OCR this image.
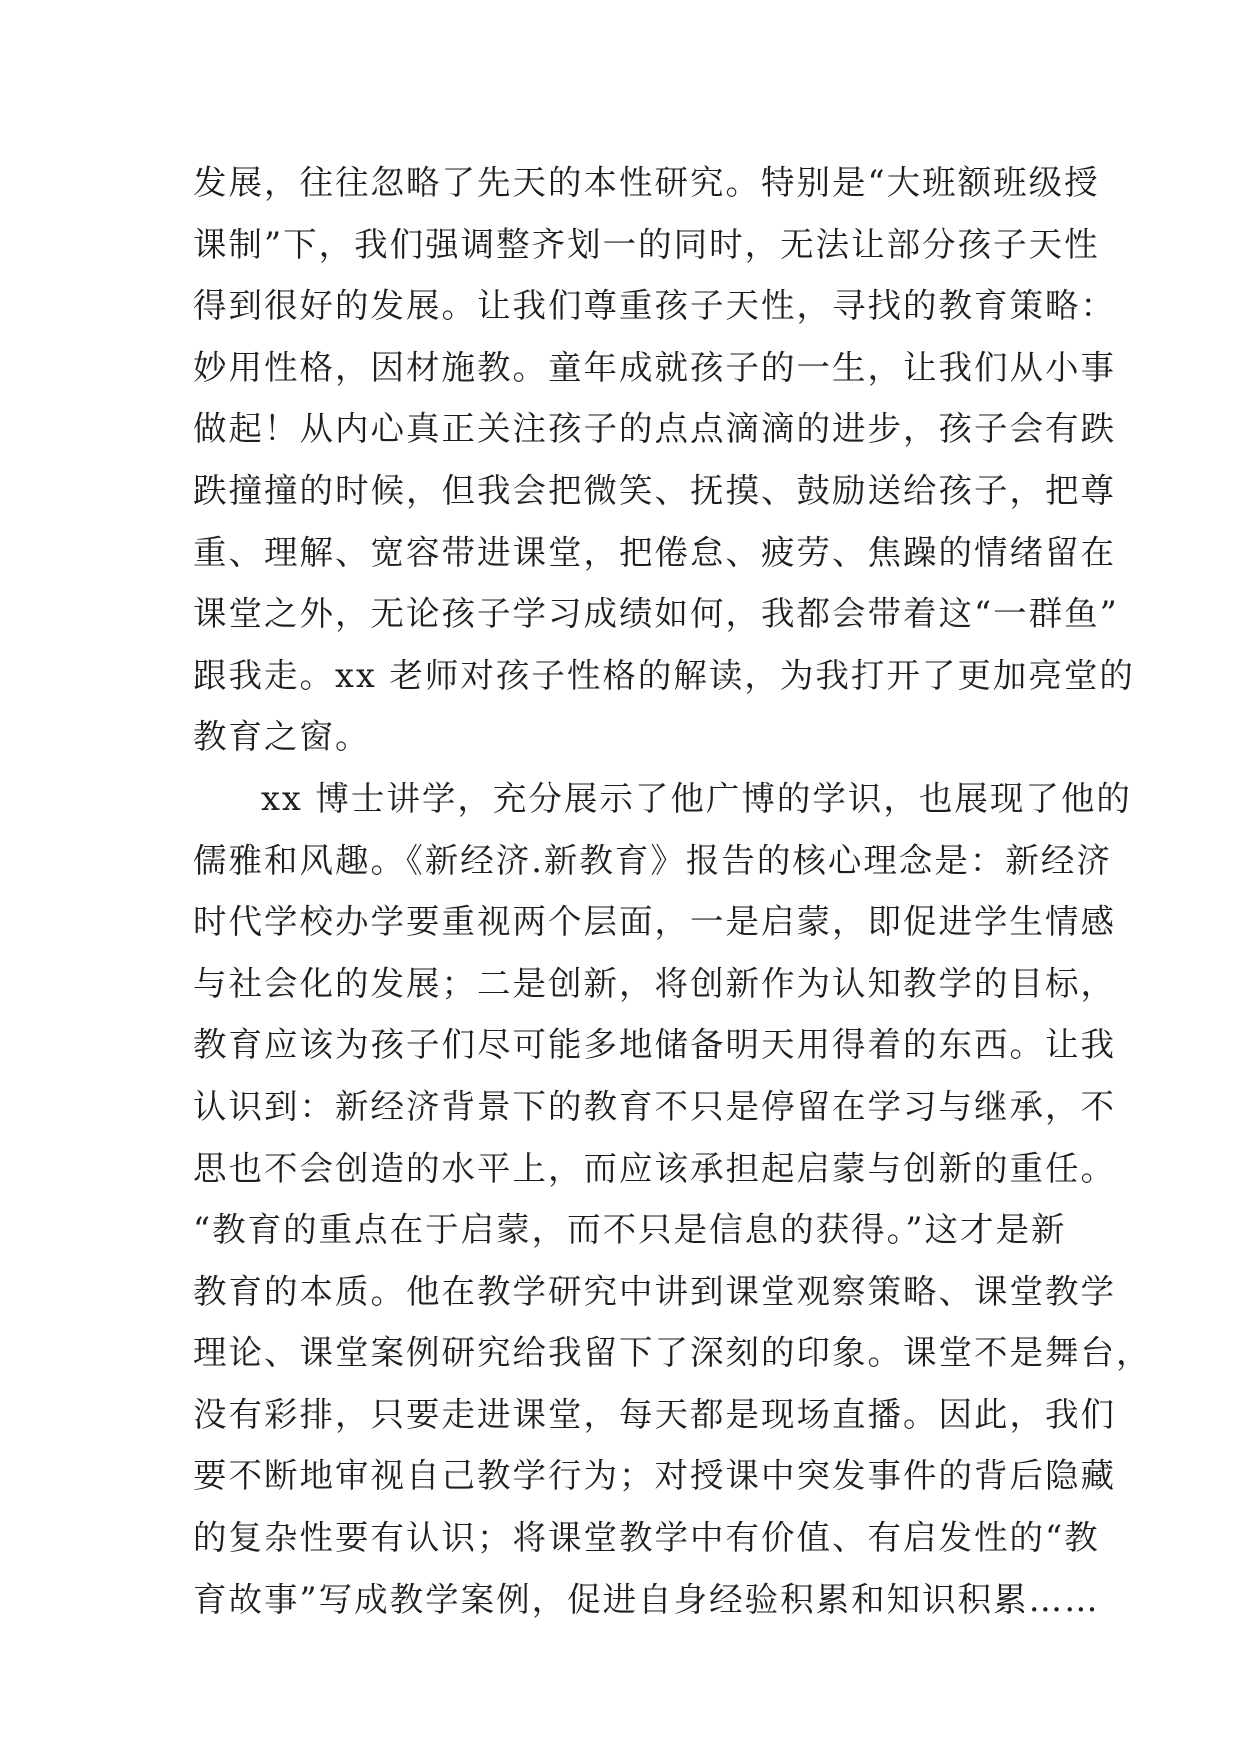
发展，往往忽略了先天的本性研究。特别是“大班额班级授
课制”下，我们强调整齐划一的同时，无法让部分孩子天性
得到很好的发展。让我们尊重孩子天性，寻找的教育策略：
妙用性格，因材施教。童年成就孩子的一生，让我们从小事
做起！从内心真正关注孩子的点点滴滴的进步，孩子会有跌
跌撞撞的时候，但我会把微笑、抚摸、鼓励送给孩子，把尊
重、理解、宽容带进课堂，把倦怠、疲劳、焦躁的情绪留在
课堂之外，无论孩子学习成绩如何，我都会带着这“一群鱼”
跟我走。xx 老师对孩子性格的解读，为我打开了更加亮堂的
教育之窗。
xx 博士讲学，充分展示了他广博的学识，也展现了他的
儒雅和风趣。《新经济.新教育》报告的核心理念是：新经济
时代学校办学要重视两个层面，一是启蒙，即促进学生情感
与社会化的发展；二是创新，将创新作为认知教学的目标，
教育应该为孩子们尽可能多地储备明天用得着的东西。让我
认识到：新经济背景下的教育不只是停留在学习与继承，不
思也不会创造的水平上，而应该承担起启蒙与创新的重任。
“教育的重点在于启蒙，而不只是信息的获得。”这才是新
教育的本质。他在教学研究中讲到课堂观察策略、课堂教学
理论、课堂案例研究给我留下了深刻的印象。课堂不是舞台，
没有彩排，只要走进课堂，每天都是现场直播。因此，我们
要不断地审视自己教学行为；对授课中突发事件的背后隐藏
的复杂性要有认识；将课堂教学中有价值、有启发性的“教
育故事”写成教学案例，促进自身经验积累和知识积累……
